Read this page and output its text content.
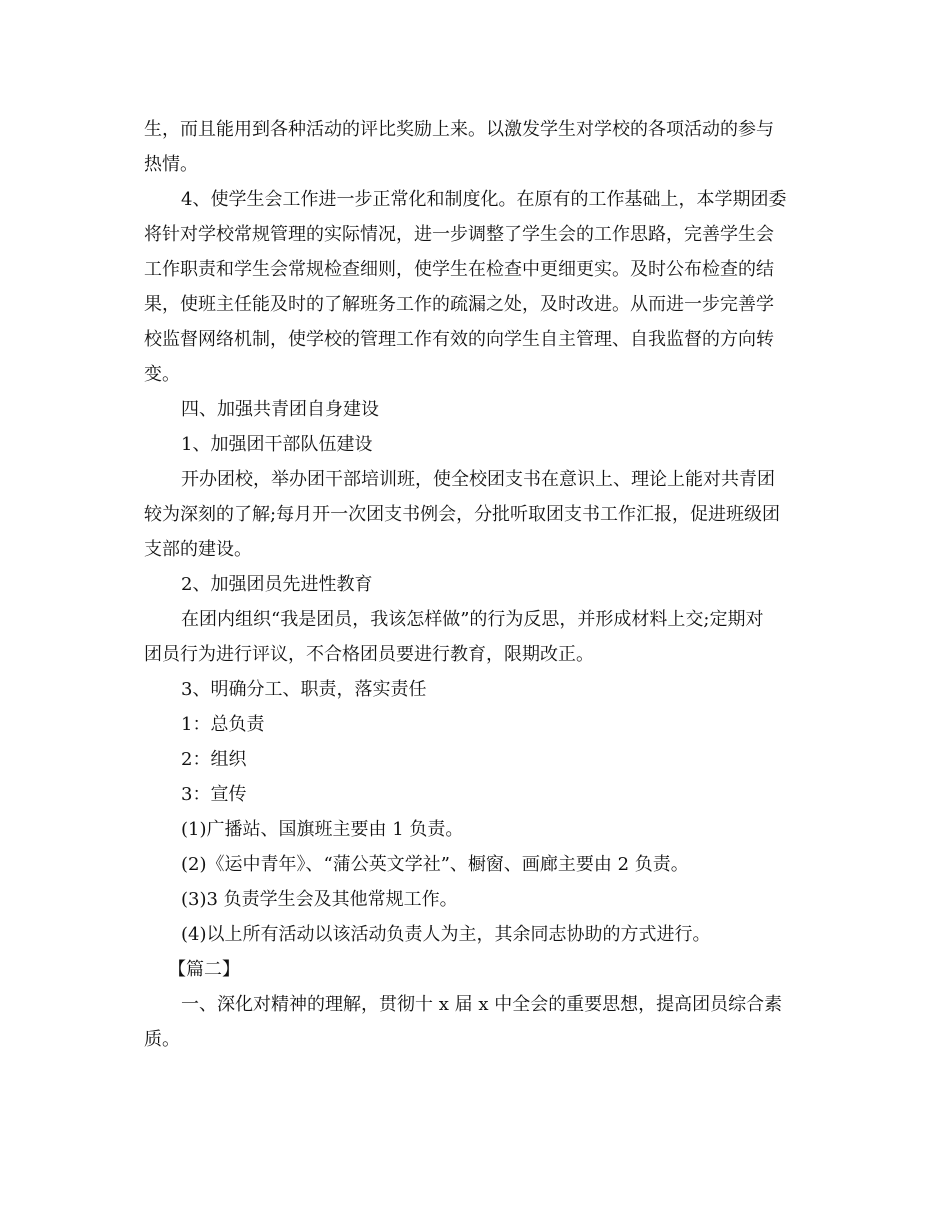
生，而且能用到各种活动的评比奖励上来。以激发学生对学校的各项活动的参与
热情。
4、使学生会工作进一步正常化和制度化。在原有的工作基础上，本学期团委
将针对学校常规管理的实际情况，进一步调整了学生会的工作思路，完善学生会
工作职责和学生会常规检查细则，使学生在检查中更细更实。及时公布检查的结
果，使班主任能及时的了解班务工作的疏漏之处，及时改进。从而进一步完善学
校监督网络机制，使学校的管理工作有效的向学生自主管理、自我监督的方向转
变。
四、加强共青团自身建设
1、加强团干部队伍建设
开办团校，举办团干部培训班，使全校团支书在意识上、理论上能对共青团
较为深刻的了解;每月开一次团支书例会，分批听取团支书工作汇报，促进班级团
支部的建设。
2、加强团员先进性教育
在团内组织“我是团员，我该怎样做”的行为反思，并形成材料上交;定期对
团员行为进行评议，不合格团员要进行教育，限期改正。
3、明确分工、职责，落实责任
1：总负责
2：组织
3：宣传
(1)广播站、国旗班主要由 1 负责。
(2)《运中青年》、“蒲公英文学社”、橱窗、画廊主要由 2 负责。
(3)3 负责学生会及其他常规工作。
(4)以上所有活动以该活动负责人为主，其余同志协助的方式进行。
【篇二】
一、深化对精神的理解，贯彻十 x 届 x 中全会的重要思想，提高团员综合素
质。
